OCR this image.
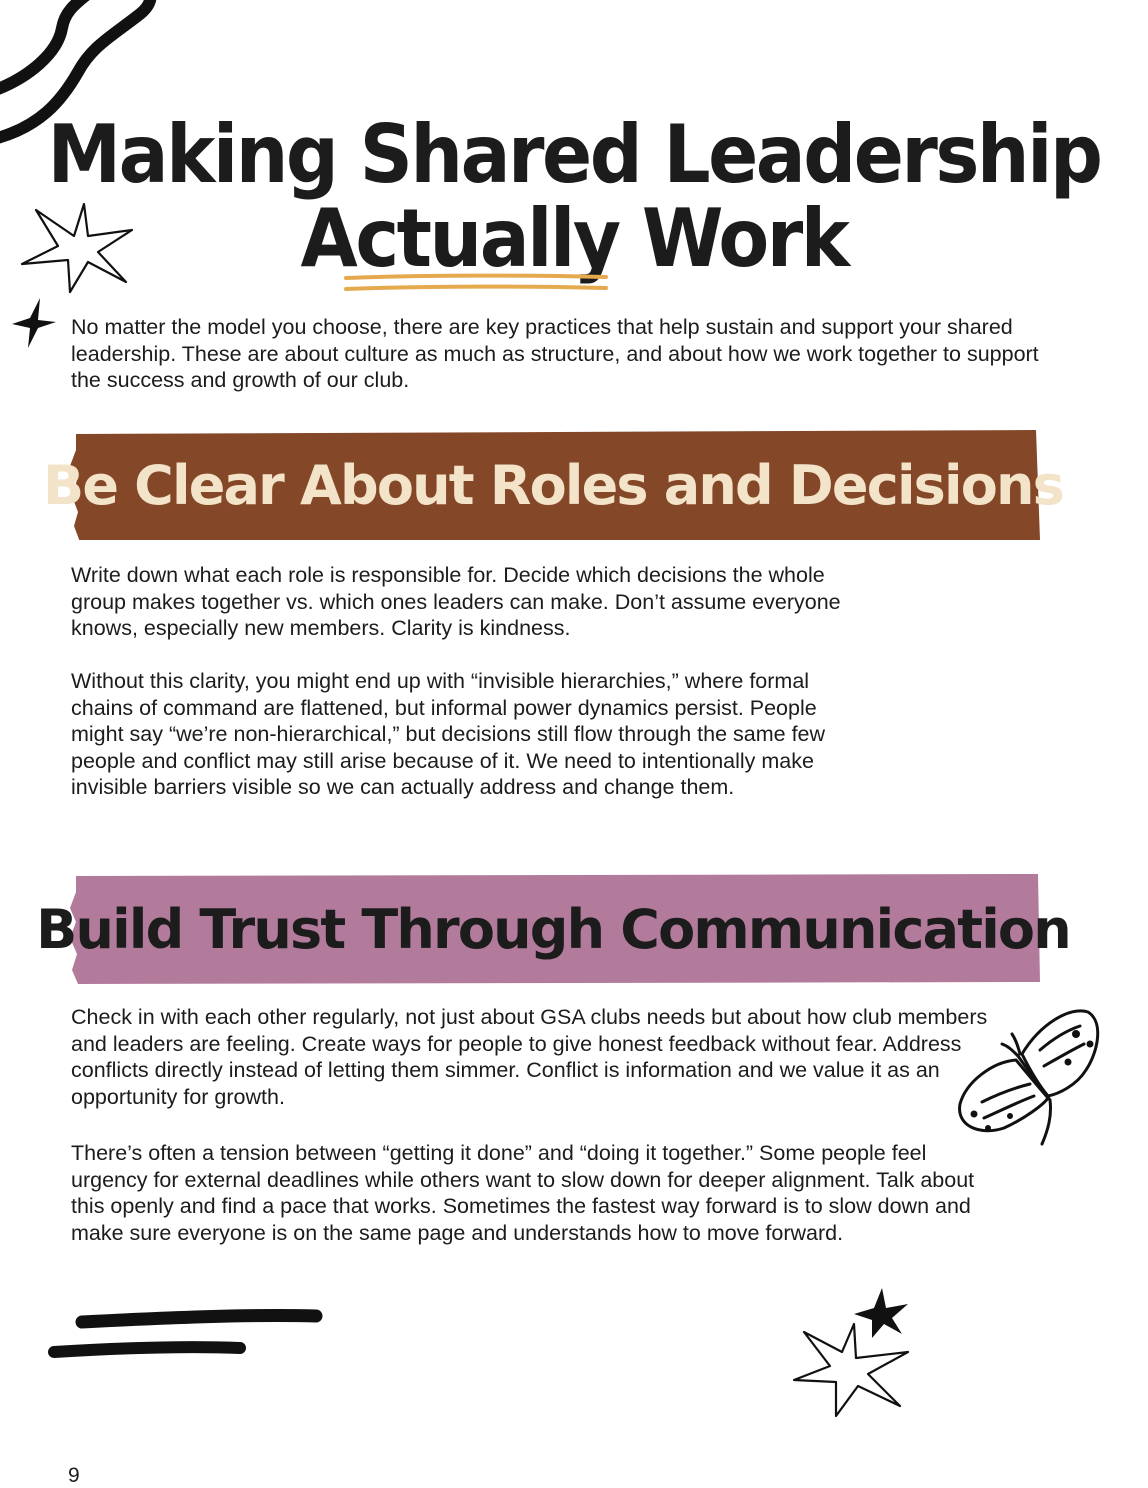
Making Shared Leadership
Actually Work

No matter the model you choose, there are key practices that help sustain and support your shared leadership. These are about culture as much as structure, and about how we work together to support the success and growth of our club.

Be Clear About Roles and Decisions

Write down what each role is responsible for. Decide which decisions the whole group makes together vs. which ones leaders can make. Don’t assume everyone knows, especially new members. Clarity is kindness.

Without this clarity, you might end up with “invisible hierarchies,” where formal chains of command are flattened, but informal power dynamics persist. People might say “we’re non-hierarchical,” but decisions still flow through the same few people and conflict may still arise because of it. We need to intentionally make invisible barriers visible so we can actually address and change them.

Build Trust Through Communication

Check in with each other regularly, not just about GSA clubs needs but about how club members and leaders are feeling. Create ways for people to give honest feedback without fear. Address conflicts directly instead of letting them simmer. Conflict is information and we value it as an opportunity for growth.

There’s often a tension between “getting it done” and “doing it together.” Some people feel urgency for external deadlines while others want to slow down for deeper alignment. Talk about this openly and find a pace that works. Sometimes the fastest way forward is to slow down and make sure everyone is on the same page and understands how to move forward.

9
